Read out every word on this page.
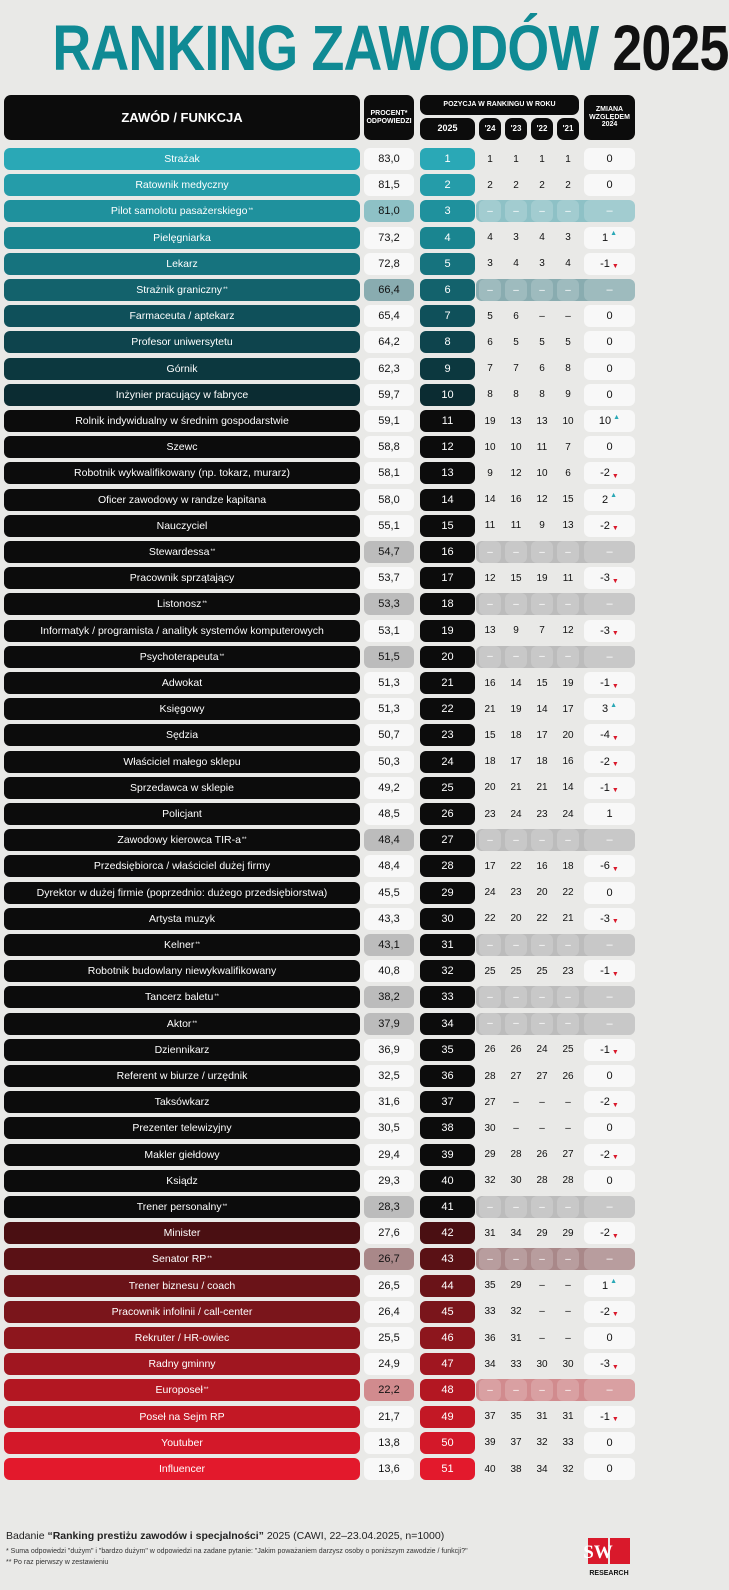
RANKING ZAWODÓW 2025
ZAWÓD / FUNKCJA	PROCENT* ODPOWIEDZI
POZYCJA W RANKINGU W ROKU
2025	'24	'23	'22	'21
ZMIANA WZGLĘDEM 2024
Strażak	83,0	1	1	1	1	1	0
Ratownik medyczny	81,5	2	2	2	2	2	0
Pilot samolotu pasażerskiego **	81,0	3	–	–	–	–	–
Pielęgniarka	73,2	4	4	3	4	3	1 ▲
Lekarz	72,8	5	3	4	3	4	-1 ▼
Strażnik graniczny **	66,4	6	–	–	–	–	–
Farmaceuta / aptekarz	65,4	7	5	6	–	–	0
Profesor uniwersytetu	64,2	8	6	5	5	5	0
Górnik	62,3	9	7	7	6	8	0
Inżynier pracujący w fabryce	59,7	10	8	8	8	9	0
Rolnik indywidualny w średnim gospodarstwie	59,1	11	19	13	13	10	10 ▲
Szewc	58,8	12	10	10	11	7	0
Robotnik wykwalifikowany (np. tokarz, murarz)	58,1	13	9	12	10	6	-2 ▼
Oficer zawodowy w randze kapitana	58,0	14	14	16	12	15	2 ▲
Nauczyciel	55,1	15	11	11	9	13	-2 ▼
Stewardessa **	54,7	16	–	–	–	–	–
Pracownik sprzątający	53,7	17	12	15	19	11	-3 ▼
Listonosz **	53,3	18	–	–	–	–	–
Informatyk / programista / analityk systemów komputerowych	53,1	19	13	9	7	12	-3 ▼
Psychoterapeuta **	51,5	20	–	–	–	–	–
Adwokat	51,3	21	16	14	15	19	-1 ▼
Księgowy	51,3	22	21	19	14	17	3 ▲
Sędzia	50,7	23	15	18	17	20	-4 ▼
Właściciel małego sklepu	50,3	24	18	17	18	16	-2 ▼
Sprzedawca w sklepie	49,2	25	20	21	21	14	-1 ▼
Policjant	48,5	26	23	24	23	24	1
Zawodowy kierowca TIR-a **	48,4	27	–	–	–	–	–
Przedsiębiorca / właściciel dużej firmy	48,4	28	17	22	16	18	-6 ▼
Dyrektor w dużej firmie (poprzednio: dużego przedsiębiorstwa)	45,5	29	24	23	20	22	0
Artysta muzyk	43,3	30	22	20	22	21	-3 ▼
Kelner **	43,1	31	–	–	–	–	–
Robotnik budowlany niewykwalifikowany	40,8	32	25	25	25	23	-1 ▼
Tancerz baletu **	38,2	33	–	–	–	–	–
Aktor **	37,9	34	–	–	–	–	–
Dziennikarz	36,9	35	26	26	24	25	-1 ▼
Referent w biurze / urzędnik	32,5	36	28	27	27	26	0
Taksówkarz	31,6	37	27	–	–	–	-2 ▼
Prezenter telewizyjny	30,5	38	30	–	–	–	0
Makler giełdowy	29,4	39	29	28	26	27	-2 ▼
Ksiądz	29,3	40	32	30	28	28	0
Trener personalny **	28,3	41	–	–	–	–	–
Minister	27,6	42	31	34	29	29	-2 ▼
Senator RP **	26,7	43	–	–	–	–	–
Trener biznesu / coach	26,5	44	35	29	–	–	1 ▲
Pracownik infolinii / call-center	26,4	45	33	32	–	–	-2 ▼
Rekruter / HR-owiec	25,5	46	36	31	–	–	0
Radny gminny	24,9	47	34	33	30	30	-3 ▼
Europoseł **	22,2	48	–	–	–	–	–
Poseł na Sejm RP	21,7	49	37	35	31	31	-1 ▼
Youtuber	13,8	50	39	37	32	33	0
Influencer	13,6	51	40	38	34	32	0
Badanie “Ranking prestiżu zawodów i specjalności” 2025 (CAWI, 22–23.04.2025, n=1000)
* Suma odpowiedzi "dużym" i "bardzo dużym" w odpowiedzi na zadane pytanie: "Jakim poważaniem darzysz osoby o poniższym zawodzie / funkcji?"
** Po raz pierwszy w zestawieniu	SW
RESEARCH
